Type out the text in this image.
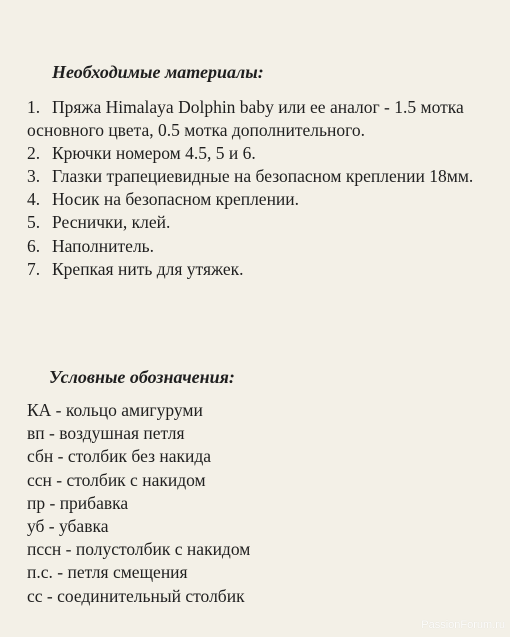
Необходимые материалы:
1. Пряжа Himalaya Dolphin baby или ее аналог - 1.5 мотка основного цвета, 0.5 мотка дополнительного.
2. Крючки номером 4.5, 5 и 6.
3. Глазки трапециевидные на безопасном креплении 18мм.
4. Носик на безопасном креплении.
5. Реснички, клей.
6. Наполнитель.
7. Крепкая нить для утяжек.
Условные обозначения:
КА - кольцо амигуруми
вп - воздушная петля
сбн - столбик без накида
ссн - столбик с накидом
пр - прибавка
уб - убавка
пссн - полустолбик с накидом
п.с. - петля смещения
сс - соединительный столбик
PassionForum.ru
